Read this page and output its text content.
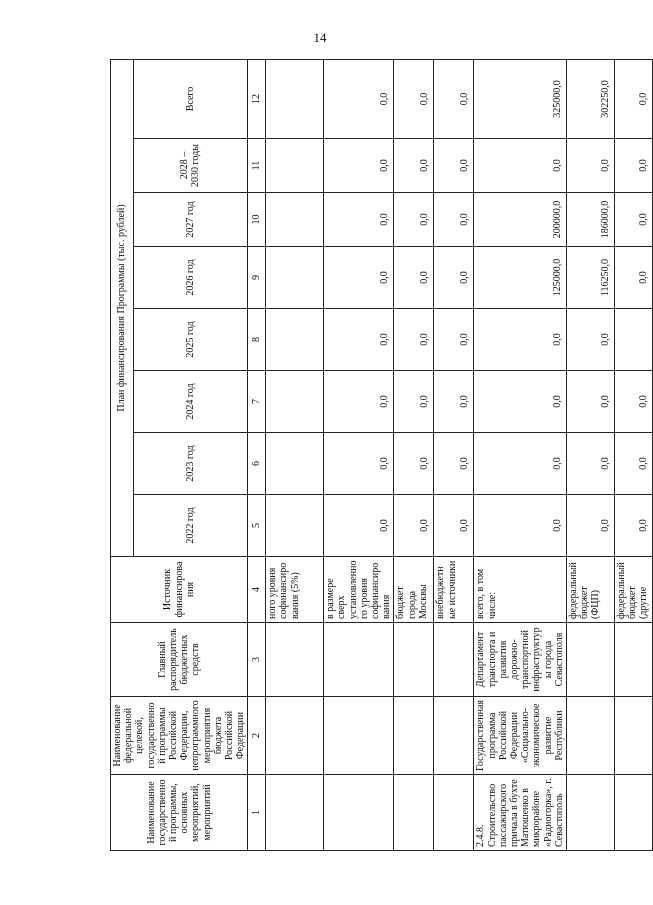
14
Наименование государственной программы, основных мероприятий, мероприятий	Наименование федеральной целевой, государственной программы Российской Федерации, непрограммного мероприятия бюджета Российской Федерации	Главный распорядитель бюджетных средств	Источник финансирования	План финансирования Программы (тыс. рублей)							
				2022 год	2023 год	2024 год	2025 год	2026 год	2027 год	2028 – 2030 годы	Всего
1	2	3	4	5	6	7	8	9	10	11	12
			ного уровня софинансирования (5%)								
			в размере сверх установленного уровня софинансирования	0,0	0,0	0,0	0,0	0,0	0,0	0,0	0,0
			бюджет города Москвы	0,0	0,0	0,0	0,0	0,0	0,0	0,0	0,0
			внебюджетные источники	0,0	0,0	0,0	0,0	0,0	0,0	0,0	0,0
2.4.8. Строительство пассажирского причала в бухте Матюшенко в микрорайоне «Радиогорка», г. Севастополь	Государственная программа Российской Федерации «Социально-экономическое развитие Республики	Департамент транспорта и развития дорожно-транспортной инфраструктуры города Севастополя	всего, в том числе:	0,0	0,0	0,0	0,0	125000,0	200000,0	0,0	325000,0
			федеральный бюджет (ФЦП)	0,0	0,0	0,0	0,0	116250,0	186000,0	0,0	302250,0
			федеральный бюджет (другие	0,0	0,0	0,0		0,0	0,0	0,0	0,0
